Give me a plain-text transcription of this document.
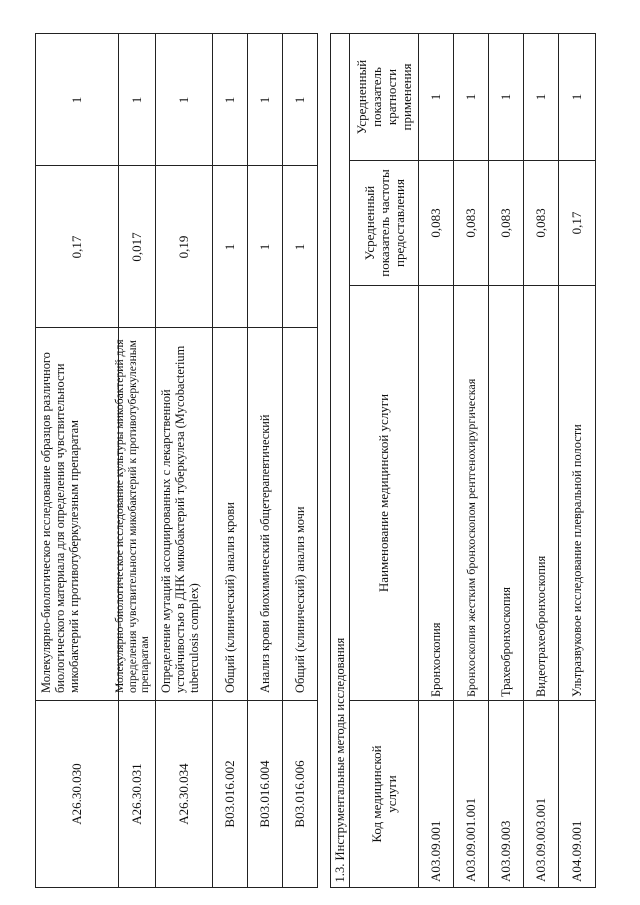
A26.30.030
Молекулярно-биологическое исследование образцов различного биологического материала для определения чувствительности микобактерий к противотуберкулезным препаратам
0,17
1
A26.30.031
Молекулярно-биологическое исследование культуры микобактерий для определения чувствительности микобактерий к противотуберкулезным препаратам
0,017
1
A26.30.034
Определение мутаций ассоциированных с лекарственной устойчивостью в ДНК микобактерий туберкулеза (Mycobacterium tuberculosis complex)
0,19
1
B03.016.002
Общий (клинический) анализ крови
1
1
B03.016.004
Анализ крови биохимический общетерапевтический
1
1
B03.016.006
Общий (клинический) анализ мочи
1
1
1.3. Инструментальные методы исследования	Код медицинской услуги
Наименование медицинской услуги
Усредненный показатель частоты предоставления
Усредненный показатель кратности применения
A03.09.001
Бронхоскопия
0,083
1
A03.09.001.001
Бронхоскопия жестким бронхоскопом рентгенохирургическая
0,083
1
A03.09.003
Трахеобронхоскопия
0,083
1
A03.09.003.001
Видеотрахеобронхоскопия
0,083
1
A04.09.001
Ультразвуковое исследование плевральной полости
0,17
1
